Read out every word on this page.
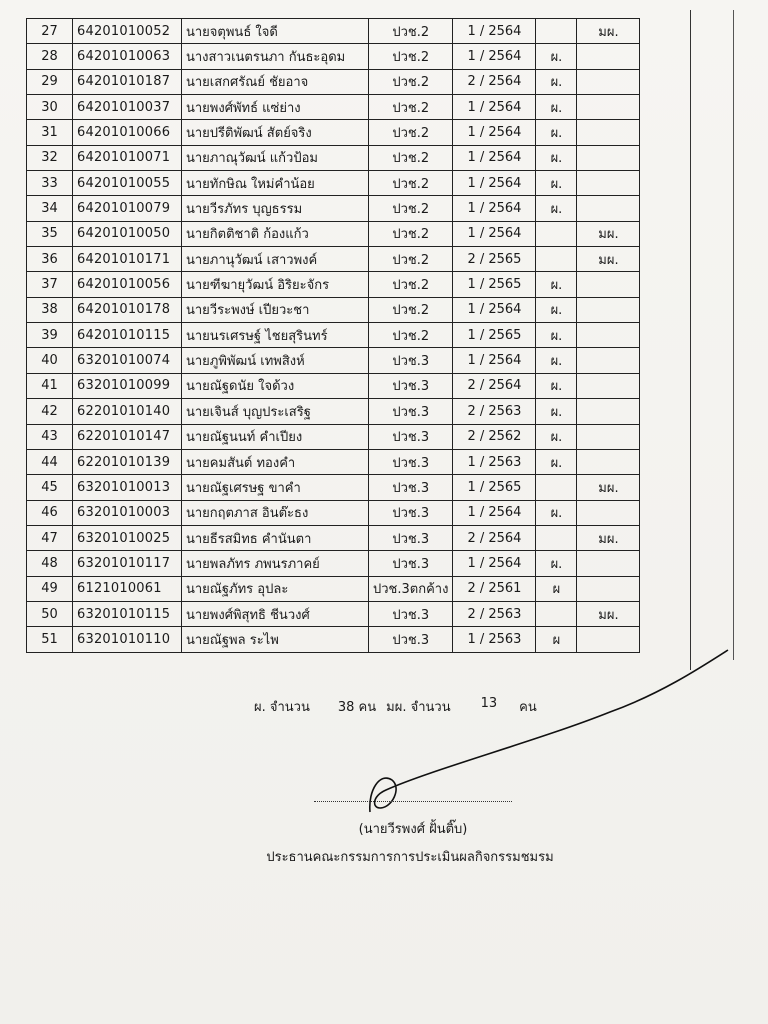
27	64201010052	นายจตุพนธ์ ใจดี	ปวช.2	1 / 2564		มผ.
28	64201010063	นางสาวเนตรนภา กันธะอุดม	ปวช.2	1 / 2564	ผ.	
29	64201010187	นายเสกศรัณย์ ชัยอาจ	ปวช.2	2 / 2564	ผ.	
30	64201010037	นายพงศ์พัทธ์ แซ่ย่าง	ปวช.2	1 / 2564	ผ.	
31	64201010066	นายปรีติพัฒน์ สัตย์จริง	ปวช.2	1 / 2564	ผ.	
32	64201010071	นายภาณุวัฒน์ แก้วป้อม	ปวช.2	1 / 2564	ผ.	
33	64201010055	นายทักษิณ ใหม่คำน้อย	ปวช.2	1 / 2564	ผ.	
34	64201010079	นายวีรภัทร บุญธรรม	ปวช.2	1 / 2564	ผ.	
35	64201010050	นายกิตติชาติ ก้องแก้ว	ปวช.2	1 / 2564		มผ.
36	64201010171	นายภานุวัฒน์ เสาวพงค์	ปวช.2	2 / 2565		มผ.
37	64201010056	นายฑีฆายุวัฒน์ อิริยะจักร	ปวช.2	1 / 2565	ผ.	
38	64201010178	นายวีระพงษ์ เปียวะชา	ปวช.2	1 / 2564	ผ.	
39	64201010115	นายนรเศรษฐ์ ไชยสุรินทร์	ปวช.2	1 / 2565	ผ.	
40	63201010074	นายภูพิพัฒน์ เทพสิงห์	ปวช.3	1 / 2564	ผ.	
41	63201010099	นายณัฐดนัย ใจด้วง	ปวช.3	2 / 2564	ผ.	
42	62201010140	นายเจินส์ บุญประเสริฐ	ปวช.3	2 / 2563	ผ.	
43	62201010147	นายณัฐนนท์ คำเปียง	ปวช.3	2 / 2562	ผ.	
44	62201010139	นายคมสันต์ ทองคำ	ปวช.3	1 / 2563	ผ.	
45	63201010013	นายณัฐเศรษฐ ขาคำ	ปวช.3	1 / 2565		มผ.
46	63201010003	นายกฤตภาส อินต๊ะธง	ปวช.3	1 / 2564	ผ.	
47	63201010025	นายธีรสมิทธ คำนันตา	ปวช.3	2 / 2564		มผ.
48	63201010117	นายพลภัทร ภพนรภาคย์	ปวช.3	1 / 2564	ผ.	
49	6121010061	นายณัฐภัทร อุปละ	ปวช.3ตกค้าง	2 / 2561	ผ	
50	63201010115	นายพงศ์พิสุทธิ ชีนวงศ์	ปวช.3	2 / 2563		มผ.
51	63201010110	นายณัฐพล ระไพ	ปวช.3	1 / 2563	ผ	
ผ. จำนวน 38 คน มผ. จำนวน 13 คน
(นายวีรพงศ์ ฝั้นติ๊บ)
ประธานคณะกรรมการการประเมินผลกิจกรรมชมรม
